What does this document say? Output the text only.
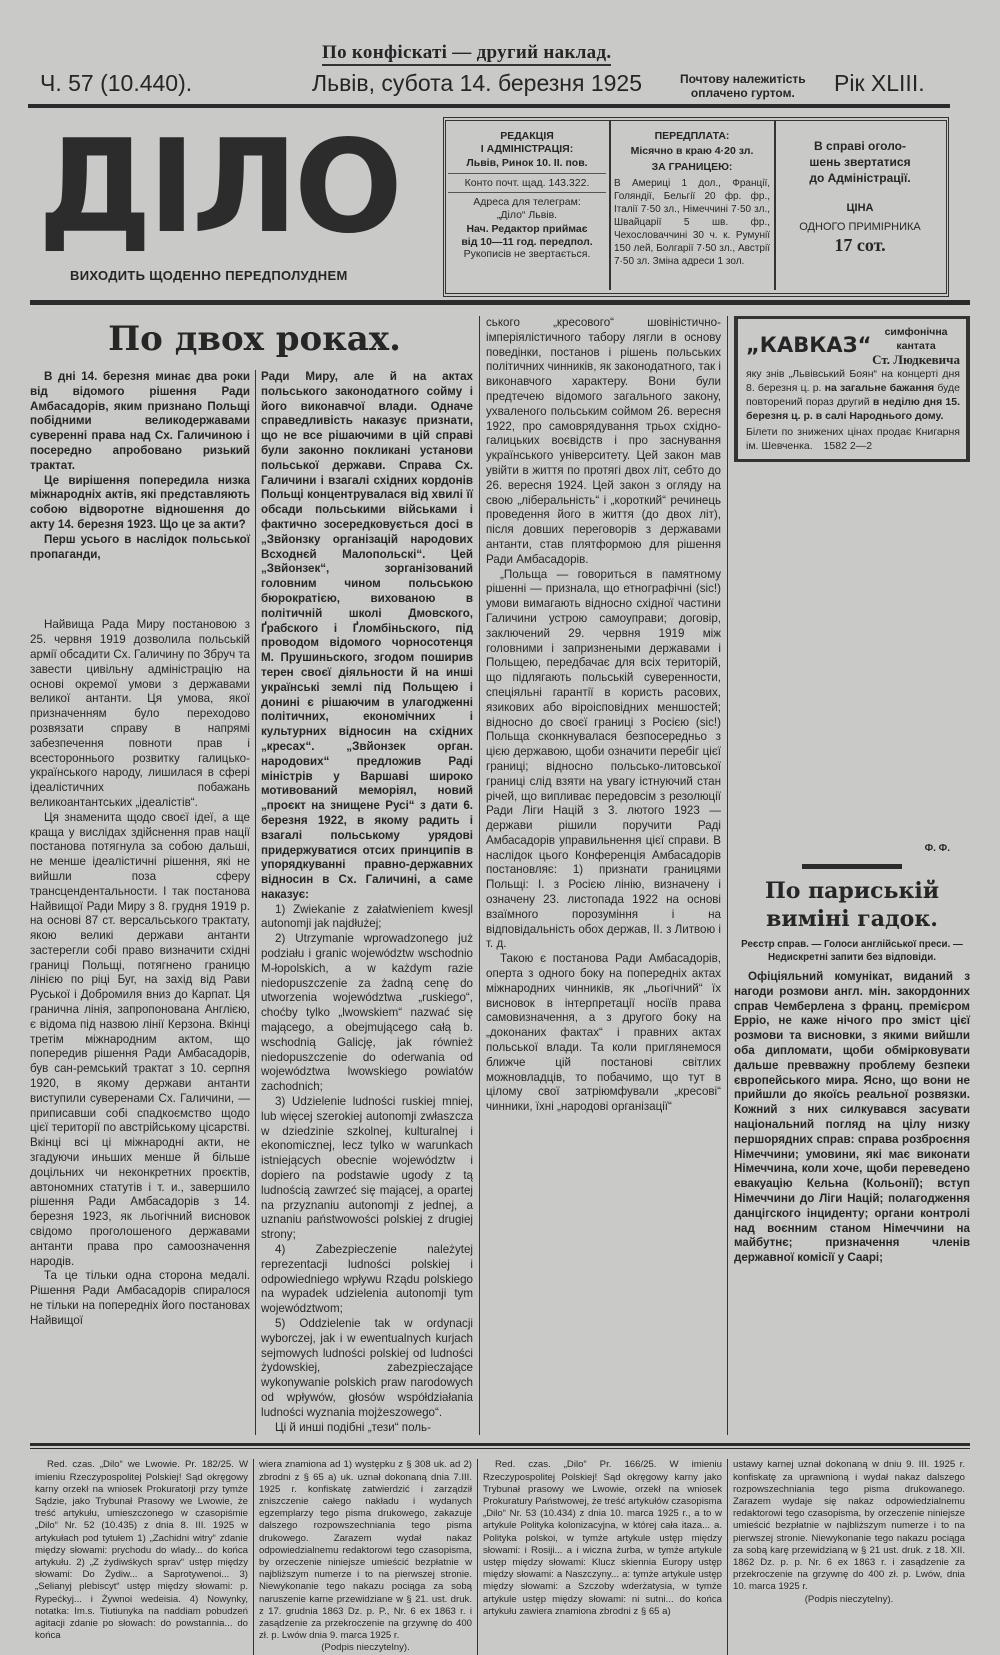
По конфіскаті — другий наклад.
Ч. 57 (10.440).	Львів, субота 14. березня 1925	Почтову належитість
оплачено гуртом.	Рік XLIII.
ДІЛО
ВИХОДИТЬ ЩОДЕННО ПЕРЕДПОЛУДНЕМ
РЕДАКЦІЯ
І АДМІНІСТРАЦІЯ:
Львів, Ринок 10. II. пов.
Конто почт. щад. 143.322.
Адреса для телеграм:
„Діло“ Львів.
Нач. Редактор приймає
від 10—11 год. передпол.
Рукописів не звертається.
ПЕРЕДПЛАТА:
Місячно в краю 4·20 зл.
ЗА ГРАНИЦЕЮ:
В Америці 1 дол., Франції, Голяндії, Бельгії 20 фр. фр., Італії 7·50 зл., Німеччині 7·50 зл., Швайцарії 5 шв. фр., Чехословаччині 30 ч. к. Румунії 150 лей, Болгарії 7·50 зл., Австрії 7·50 зл. Зміна адреси 1 зол.
В справі оголо-
шень звертатися
до Адміністрації.
ЦІНА
ОДНОГО ПРИМІРНИКА
17 сот.
По двох роках.

В дні 14. березня минає два роки від відомого рішення Ради Амбасадорів, яким признано Польщі побідними великодержавами суверенні права над Сх. Галичиною і посередно апробовано ризький трактат.

Це вирішення попередила низка міжнародніх актів, які представляють собою відворотне відношення до акту 14. березня 1923. Що це за акти?

Перш усього в наслідок польської пропаганди,

Найвища Рада Миру постановою з 25. червня 1919 дозволила польській армії обсадити Сх. Галичину по Збруч та завести цивільну адміністрацію на основі окремої умови з державами великої антанти. Ця умова, якої призначенням було переходово розвязати справу в напрямі забезпечення повноти прав і всестороннього розвитку галицько-українського народу, лишилася в сфері ідеалістичних побажань великоантантських „ідеалістів“.

Ця знаменита щодо своєї ідеї, а ще краща у вислідах здійснення прав нації постанова потягнула за собою дальші, не менше ідеалістичні рішення, які не вийшли поза сферу трансцендентальности. І так постанова Найвищої Ради Миру з 8. грудня 1919 р. на основі 87 ст. версальського трактату, якою великі держави антанти застерегли собі право визначити східні границі Польщі, потягнено границю лінією по ріці Буг, на захід від Рави Руської і Добромиля вниз до Карпат. Ця гранична лінія, запропонована Англією, є відома під назвою лінії Керзона. Вкінці третім міжнародним актом, що попередив рішення Ради Амбасадорів, був сан-ремський трактат з 10. серпня 1920, в якому держави антанти виступили суверенами Сх. Галичини, — приписавши собі спадкоємство щодо цієї території по австрійському цісарстві. Вкінці всі ці міжнародні акти, не згадуючи иньших менше й більше доцільних чи неконкретних проєктів, автономних статутів і т. и., завершило рішення Ради Амбасадорів з 14. березня 1923, як льогічний висновок свідомо проголошеного державами антанти права про самоозначення народів.

Та це тільки одна сторона медалі. Рішення Ради Амбасадорів спиралося не тільки на попередніх його постановах Найвищої

Ради Миру, але й на актах польського законодатного сойму і його виконавчої влади. Одначе справедливість наказує признати, що не все рішаючими в цій справі були законно покликані установи польської держави. Справа Сх. Галичини і взагалі східних кордонів Польщі концентрувалася від хвилі її обсади польськими військами і фактично зосередковується досі в „Звйонзку організацій народових Всходнєй Малопольскі“. Цей „Звйонзек“, зорганізований головним чином польською бюрократією, вихованою в політичній школі Дмовского, Ґрабского і Ґломбіньского, під проводом відомого чорносотенця М. Прушиньского, згодом поширив терен своєї діяльности й на инші українські землі під Польщею і донині є рішаючим в улагодженні політичних, економічних і культурних відносин на східних „кресах“. „Звйонзек орган. народових“ предложив Раді міністрів у Варшаві широко мотивований меморіял, новий „проєкт на знищене Русі“ з дати 6. березня 1922, в якому радить і взагалі польському урядові придержуватися отсих принципів в упорядкуванні правно-державних відносин в Сх. Галичині, а саме наказує:

1) Zwiekanie z załatwieniem kwesjl autonomji jak najdłużej;

2) Utrzymanie wprowadzonego już podziału i granic województw wschodnio M-łopolskich, a w każdym razie niedopuszczenie za żadną cenę do utworzenia województwa „ruskiego“, choćby tylko „lwowskiem“ nazwać się mającego, a obejmującego całą b. wschodnią Galicję, jak również niedopuszczenie do oderwania od województwa lwowskiego powiatów zachodnich;

3) Udzielenie ludności ruskiej mniej, lub więcej szerokiej autonomji zwłaszcza w dziedzinie szkolnej, kulturalnej i ekonomicznej, lecz tylko w warunkach istniejących obecnie województw i dopiero na podstawie ugody z tą ludnością zawrzeć się mającej, a opartej na przyznaniu autonomji z jednej, a uznaniu państwowości polskiej z drugiej strony;

4) Zabezpieczenie należytej reprezentacji ludności polskiej i odpowiedniego wpływu Rządu polskiego na wypadek udzielenia autonomji tym województwom;

5) Oddzielenie tak w ordynacji wyborczej, jak i w ewentualnych kurjach sejmowych ludności polskiej od ludności żydowskiej, zabezpieczające wykonywanie polskich praw narodowych od wpływów, głosów współdziałania ludności wyznania mojżeszowego“.

Ці й инші подібні „тези“ поль-

ського „кресового“ шовіністично-імперіялістичного табору лягли в основу поведінки, постанов і рішень польських політичних чинників, як законодатного, так і виконавчого характеру. Вони були предтечею відомого загального закону, ухваленого польським соймом 26. вересня 1922, про самоврядування трьох східно-галицьких воєвідств і про заснування українського університету. Цей закон мав увійти в життя по протягі двох літ, себто до 26. вересня 1924. Цей закон з огляду на свою „ліберальність“ і „короткий“ речинець проведення його в життя (до двох літ), після довших переговорів з державами антанти, став плятформою для рішення Ради Амбасадорів.

„Польща — говориться в памятному рішенні — признала, що етнографічні (sic!) умови вимагають відносно східної частини Галичини устрою самоуправи; договір, заключений 29. червня 1919 між головними і запризнеными державами і Польщею, передбачає для всіх територій, що підлягають польській суверенности, спеціяльні гарантії в користь расових, язикових або віроісповідних меншостей; відносно до своєї границі з Росією (sic!) Польща сконкнувалася безпосередньо з цією державою, щоби означити перебіг цієї границі; відносно польсько-литовської границі слід взяти на увагу істнуючий стан річей, що випливає передовсім з резолюції Ради Ліги Націй з 3. лютого 1923 — держави рішили поручити Раді Амбасадорів управильнення цієї справи. В наслідок цього Конференція Амбасадорів постановляє: 1) признати границями Польщі: I. з Росією лінію, визначену і означену 23. листопада 1922 на основі взаїмного порозуміння і на відповідальність обох держав, II. з Литвою і т. д.

Такою є постанова Ради Амбасадорів, оперта з одного боку на попередніх актах міжнародних чинників, як „льогічний“ їх висновок в інтерпретації носіїв права самовизначення, а з другого боку на „доконаних фактах“ і правних актах польської влади. Та коли приглянемося ближче цій постанові світлих можновладців, то побачимо, що тут в цілому свої затріюмфували „кресові“ чинники, їхні „народові організації“

„КАВКАЗ“
симфонічна
кантата
Ст. Людкевича
яку знів „Львівський Боян“ на концерті дня 8. березня ц. р. на загальне бажання буде повторений пораз другий в неділю дня 15. березня ц. р. в салі Народнього дому.
Білети по знижених цінах продає Книгарня ім. Шевченка. 1582 2—2
Ф. Ф.
По париській виміні гадок.
Реєстр справ. — Голоси англійської преси. — Недискретні запити без відповіди.

Офіціяльний комунікат, виданий з нагоди розмови англ. мін. закордонних справ Чемберлена з франц. премієром Ерріо, не каже нічого про зміст цієї розмови та висновки, з якими вийшли оба дипломати, щоби обмірковувати дальше превважну проблему безпеки європейського мира. Ясно, що вони не прийшли до якоїсь реальної розвязки. Кожний з них силкувався засувати національний погляд на цілу низку першорядних справ: справа розброєння Німеччини; умовини, які має виконати Німеччина, коли хоче, щоби переведено евакуацію Кельна (Кольонії); вступ Німеччини до Ліги Націй; полагодження данцігского інциденту; органи контролі над воєнним станом Німеччини на майбутнє; призначення членів державної комісії у Саарі;

Red. czas. „Dilo“ we Lwowie. Pr. 182/25. W imieniu Rzeczypospolitej Polskiej! Sąd okręgowy karny orzekł na wniosek Prokuratorji przy tymże Sądzie, jako Trybunał Prasowy we Lwowie, że treść artykułu, umieszczonego w czasopiśmie „Dilo“ Nr. 52 (10.435) z dnia 8. III. 1925 w artykułach pod tytułem 1) „Zachidni witry“ zdanie między słowami: prychodu do wlady... do końca artykułu. 2) „Z żydiwśkych sprav“ ustęp między słowami: Do Żydiw... a Saprotywenoi... 3) „Selianyj plebiscyt“ ustęp między słowami: p. Rypećkyj... i Żywnoi wedeisia. 4) Nowynky, notatka: Im.s. Tiutiunyka na naddiam pobudzeń agitacji zdanie po słowach: do powstannia... do końca

wiera znamiona ad 1) występku z § 308 uk. ad 2) zbrodni z § 65 a) uk. uznał dokonaną dnia 7.III. 1925 r. konfiskatę zatwierdzić i zarządził zniszczenie całego nakładu i wydanych egzemplarzy tego pisma drukowego, zakazuje dalszego rozpowszechniania tego pisma drukowego. Zarazem wydał nakaz odpowiedzialnemu redaktorowi tego czasopisma, by orzeczenie niniejsze umieścić bezpłatnie w najbliższym numerze i to na pierwszej stronie. Niewykonanie tego nakazu pociąga za sobą naruszenie karne przewidziane w § 21. ust. druk. z 17. grudnia 1863 Dz. p. P., Nr. 6 ex 1863 r. i zasądzenie za przekroczenie na grzywnę do 400 zł. p. Lwów dnia 9. marca 1925 r.

(Podpis nieczytelny).

Red. czas. „Dilo“ Pr. 166/25. W imieniu Rzeczypospolitej Polskiej! Sąd okręgowy karny jako Trybunał prasowy we Lwowie, orzekł na wniosek Prokuratury Państwowej, że treść artykułów czasopisma „Dilo“ Nr. 53 (10.434) z dnia 10. marca 1925 r., a to w artykule Polityka kolonizacyjna, w której cała itaza... a. Polityka polskoi, w tymże artykule ustęp między słowami: i Rosiji... a i wiczna żurba, w tymże artykule ustęp między słowami: Klucz skiennia Europy ustęp między słowami: a Naszczyny... a: tymże artykule ustęp między słowami: a Szczoby wderżatysia, w tymże artykule ustęp między słowami: ni sutni... do końca artykułu zawiera znamiona zbrodni z § 65 a)

ustawy karnej uznał dokonaną w dniu 9. III. 1925 r. konfiskatę za uprawnioną i wydał nakaz dalszego rozpowszechniania tego pisma drukowanego. Zarazem wydaje się nakaz odpowiedzialnemu redaktorowi tego czasopisma, by orzeczenie niniejsze umieścić bezpłatnie w najbliższym numerze i to na pierwszej stronie. Niewykonanie tego nakazu pociąga za sobą karę przewidzianą w § 21 ust. druk. z 18. XII. 1862 Dz. p. p. Nr. 6 ex 1863 r. i zasądzenie za przekroczenie na grzywnę do 400 zł. p. Lwów, dnia 10. marca 1925 r.

(Podpis nieczytelny).
